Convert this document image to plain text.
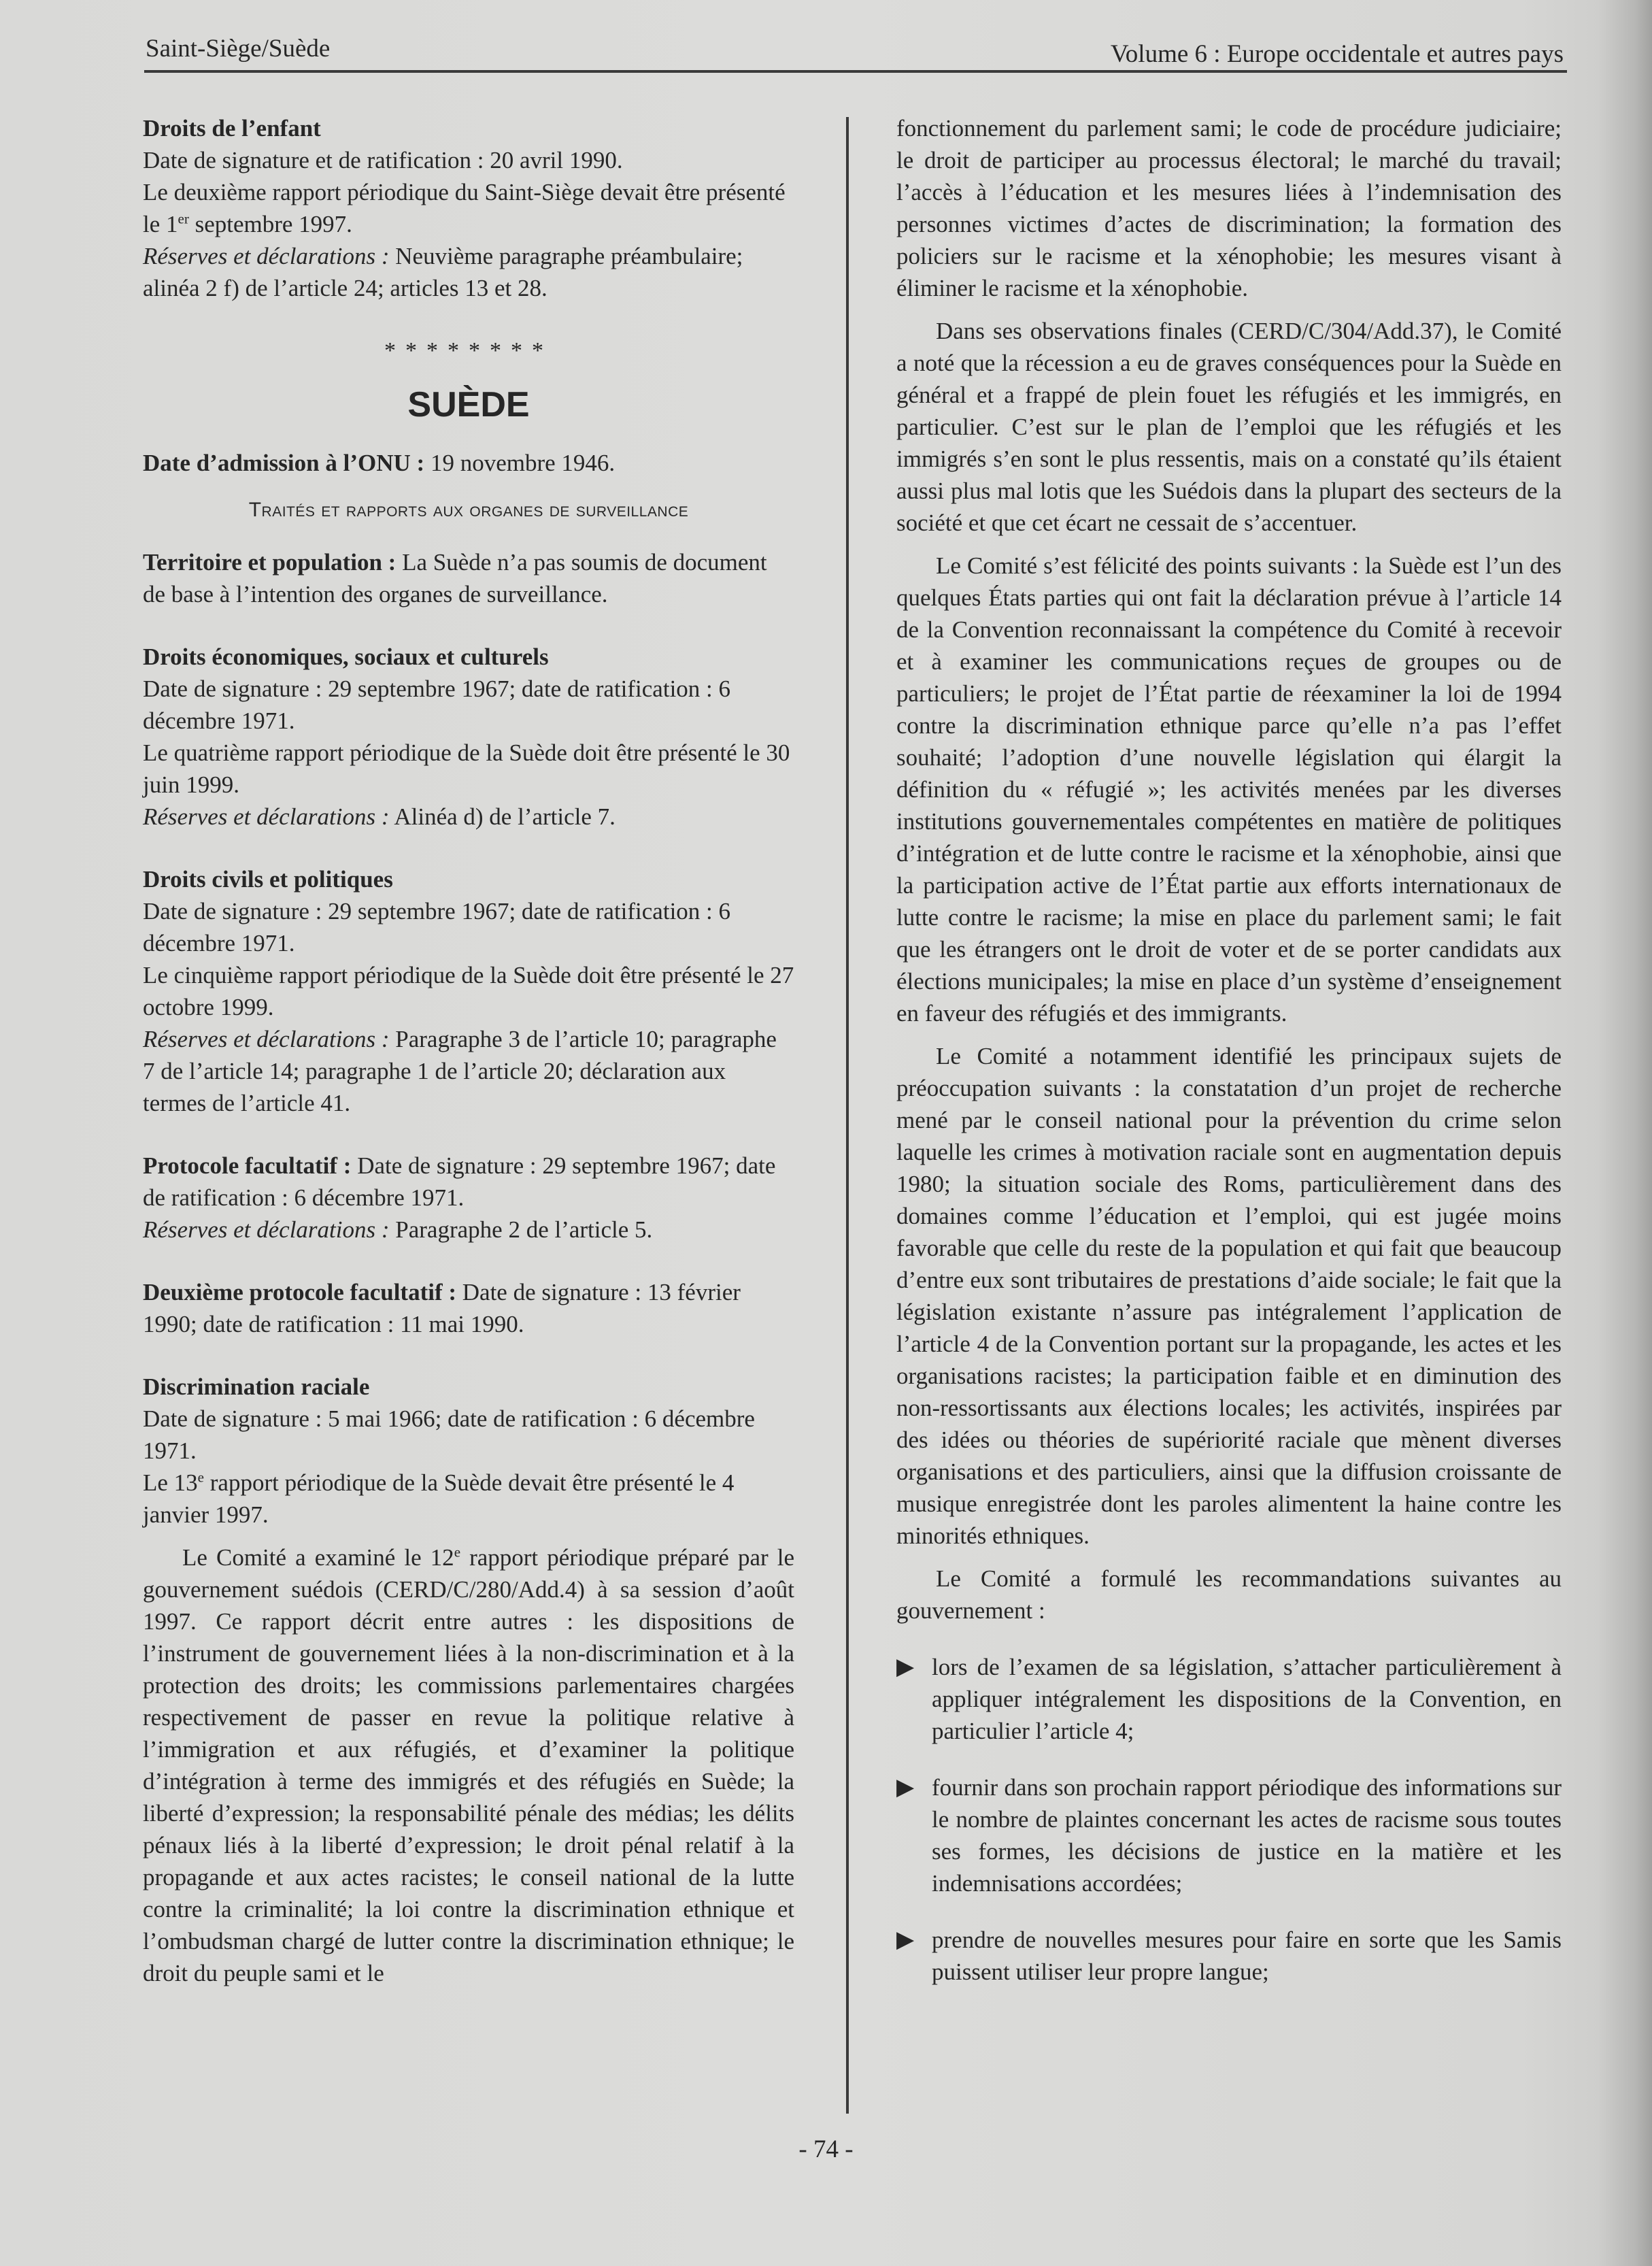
Saint-Siège/Suède	Volume 6 : Europe occidentale et autres pays

Droits de l’enfant

Date de signature et de ratification : 20 avril 1990.

Le deuxième rapport périodique du Saint-Siège devait être présenté le 1er septembre 1997.

Réserves et déclarations : Neuvième paragraphe préambulaire; alinéa 2 f) de l’article 24; articles 13 et 28.

********
SUÈDE

Date d’admission à l’ONU : 19 novembre 1946.

Traités et rapports aux organes de surveillance

Territoire et population : La Suède n’a pas soumis de document de base à l’intention des organes de surveillance.

Droits économiques, sociaux et culturels

Date de signature : 29 septembre 1967; date de ratification : 6 décembre 1971.

Le quatrième rapport périodique de la Suède doit être présenté le 30 juin 1999.

Réserves et déclarations : Alinéa d) de l’article 7.

Droits civils et politiques

Date de signature : 29 septembre 1967; date de ratification : 6 décembre 1971.

Le cinquième rapport périodique de la Suède doit être présenté le 27 octobre 1999.

Réserves et déclarations : Paragraphe 3 de l’article 10; paragraphe 7 de l’article 14; paragraphe 1 de l’article 20; déclaration aux termes de l’article 41.

Protocole facultatif : Date de signature : 29 septembre 1967; date de ratification : 6 décembre 1971.

Réserves et déclarations : Paragraphe 2 de l’article 5.

Deuxième protocole facultatif : Date de signature : 13 février 1990; date de ratification : 11 mai 1990.

Discrimination raciale

Date de signature : 5 mai 1966; date de ratification : 6 décembre 1971.

Le 13e rapport périodique de la Suède devait être présenté le 4 janvier 1997.

Le Comité a examiné le 12e rapport périodique préparé par le gouvernement suédois (CERD/C/280/Add.4) à sa session d’août 1997. Ce rapport décrit entre autres : les dispositions de l’instrument de gouvernement liées à la non-discrimination et à la protection des droits; les commissions parlementaires chargées respectivement de passer en revue la politique relative à l’immigration et aux réfugiés, et d’examiner la politique d’intégration à terme des immigrés et des réfugiés en Suède; la liberté d’expression; la responsabilité pénale des médias; les délits pénaux liés à la liberté d’expression; le droit pénal relatif à la propagande et aux actes racistes; le conseil national de la lutte contre la criminalité; la loi contre la discrimination ethnique et l’ombudsman chargé de lutter contre la discrimination ethnique; le droit du peuple sami et le

fonctionnement du parlement sami; le code de procédure judiciaire; le droit de participer au processus électoral; le marché du travail; l’accès à l’éducation et les mesures liées à l’indemnisation des personnes victimes d’actes de discrimination; la formation des policiers sur le racisme et la xénophobie; les mesures visant à éliminer le racisme et la xénophobie.

Dans ses observations finales (CERD/C/304/Add.37), le Comité a noté que la récession a eu de graves conséquences pour la Suède en général et a frappé de plein fouet les réfugiés et les immigrés, en particulier. C’est sur le plan de l’emploi que les réfugiés et les immigrés s’en sont le plus ressentis, mais on a constaté qu’ils étaient aussi plus mal lotis que les Suédois dans la plupart des secteurs de la société et que cet écart ne cessait de s’accentuer.

Le Comité s’est félicité des points suivants : la Suède est l’un des quelques États parties qui ont fait la déclaration prévue à l’article 14 de la Convention reconnaissant la compétence du Comité à recevoir et à examiner les communications reçues de groupes ou de particuliers; le projet de l’État partie de réexaminer la loi de 1994 contre la discrimination ethnique parce qu’elle n’a pas l’effet souhaité; l’adoption d’une nouvelle législation qui élargit la définition du « réfugié »; les activités menées par les diverses institutions gouvernementales compétentes en matière de politiques d’intégration et de lutte contre le racisme et la xénophobie, ainsi que la participation active de l’État partie aux efforts internationaux de lutte contre le racisme; la mise en place du parlement sami; le fait que les étrangers ont le droit de voter et de se porter candidats aux élections municipales; la mise en place d’un système d’enseignement en faveur des réfugiés et des immigrants.

Le Comité a notamment identifié les principaux sujets de préoccupation suivants : la constatation d’un projet de recherche mené par le conseil national pour la prévention du crime selon laquelle les crimes à motivation raciale sont en augmentation depuis 1980; la situation sociale des Roms, particulièrement dans des domaines comme l’éducation et l’emploi, qui est jugée moins favorable que celle du reste de la population et qui fait que beaucoup d’entre eux sont tributaires de prestations d’aide sociale; le fait que la législation existante n’assure pas intégralement l’application de l’article 4 de la Convention portant sur la propagande, les actes et les organisations racistes; la participation faible et en diminution des non-ressortissants aux élections locales; les activités, inspirées par des idées ou théories de supériorité raciale que mènent diverses organisations et des particuliers, ainsi que la diffusion croissante de musique enregistrée dont les paroles alimentent la haine contre les minorités ethniques.

Le Comité a formulé les recommandations suivantes au gouvernement :

▶ lors de l’examen de sa législation, s’attacher particulièrement à appliquer intégralement les dispositions de la Convention, en particulier l’article 4;
▶ fournir dans son prochain rapport périodique des informations sur le nombre de plaintes concernant les actes de racisme sous toutes ses formes, les décisions de justice en la matière et les indemnisations accordées;
▶ prendre de nouvelles mesures pour faire en sorte que les Samis puissent utiliser leur propre langue;
- 74 -
